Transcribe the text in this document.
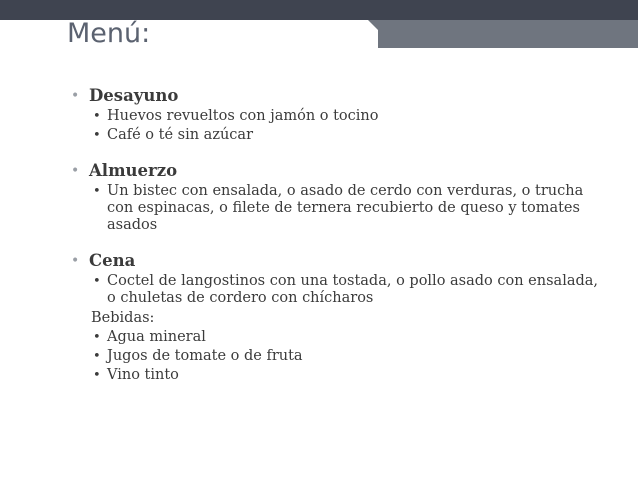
Menú:

• Desayuno

• Huevos revueltos con jamón o tocino
• Café o té sin azúcar

• Almuerzo

• Un bistec con ensalada, o asado de cerdo con verduras, o trucha con espinacas, o filete de ternera recubierto de queso y tomates asados

• Cena

• Coctel de langostinos con una tostada, o pollo asado con ensalada, o chuletas de cordero con chícharos
Bebidas:
• Agua mineral
• Jugos de tomate o de fruta
• Vino tinto
